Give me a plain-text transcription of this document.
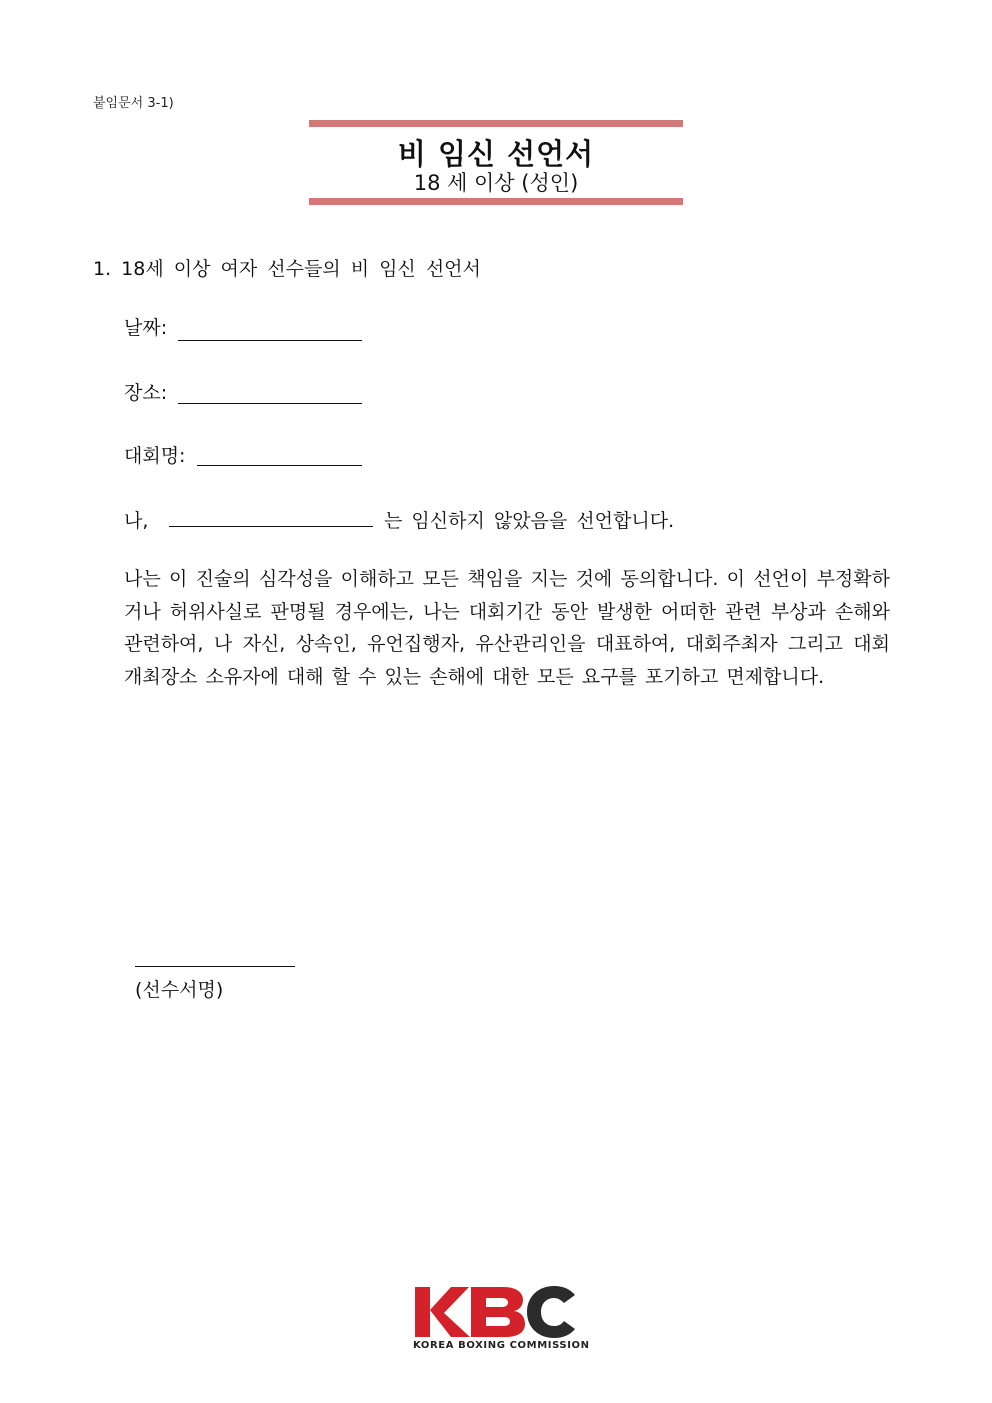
붙임문서 3-1)
비 임신 선언서
18 세 이상 (성인)
1. 18세 이상 여자 선수들의 비 임신 선언서
날짜:
장소:
대회명:
나,	는 임신하지 않았음을 선언합니다.
나는 이 진술의 심각성을 이해하고 모든 책임을 지는 것에 동의합니다. 이 선언이 부정확하거나 허위사실로 판명될 경우에는, 나는 대회기간 동안 발생한 어떠한 관련 부상과 손해와 관련하여, 나 자신, 상속인, 유언집행자, 유산관리인을 대표하여, 대회주최자 그리고 대회 개최장소 소유자에 대해 할 수 있는 손해에 대한 모든 요구를 포기하고 면제합니다.
(선수서명)
KOREA BOXING COMMISSION
